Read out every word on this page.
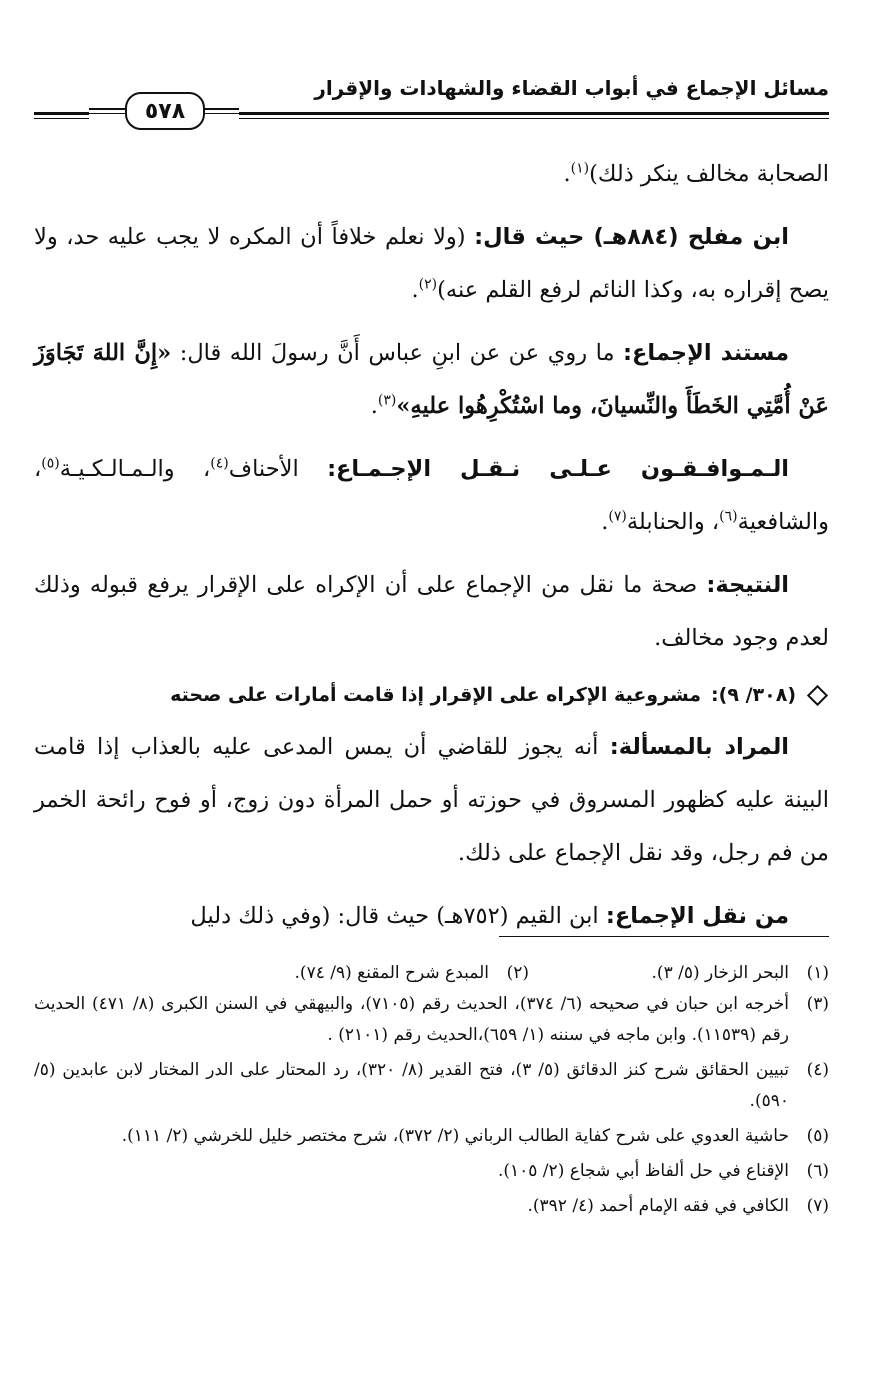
مسائل الإجماع في أبواب القضاء والشهادات والإقرار
٥٧٨

الصحابة مخالف ينكر ذلك)$^{(١)}$.

ابن مفلح (٨٨٤هـ) حيث قال: (ولا نعلم خلافاً أن المكره لا يجب عليه حد، ولا يصح إقراره به، وكذا النائم لرفع القلم عنه)$^{(٢)}$.

مستند الإجماع: ما روي عن عن ابنِ عباس أَنَّ رسولَ الله قال: «إِنَّ اللهَ تَجَاوَزَ عَنْ أُمَّتِي الخَطَأَ والنِّسيانَ، وما اسْتُكْرِهُوا عليهِ»$^{(٣)}$.

الـمـوافـقـون عـلـى نـقـل الإجـمـاع: الأحناف$^{(٤)}$، والـمـالـكـيـة$^{(٥)}$، والشافعية$^{(٦)}$، والحنابلة$^{(٧)}$.

النتيجة: صحة ما نقل من الإجماع على أن الإكراه على الإقرار يرفع قبوله وذلك لعدم وجود مخالف.

(٣٠٨/ ٩):
مشروعية الإكراه على الإقرار إذا قامت أمارات على صحته

المراد بالمسألة: أنه يجوز للقاضي أن يمس المدعى عليه بالعذاب إذا قامت البينة عليه كظهور المسروق في حوزته أو حمل المرأة دون زوج، أو فوح رائحة الخمر من فم رجل، وقد نقل الإجماع على ذلك.

من نقل الإجماع: ابن القيم (٧٥٢هـ) حيث قال: (وفي ذلك دليل

(١)
البحر الزخار (٥/ ٣).
(٢)
المبدع شرح المقنع (٩/ ٧٤).
(٣)
أخرجه ابن حبان في صحيحه (٦/ ٣٧٤)، الحديث رقم (٧١٠٥)، والبيهقي في السنن الكبرى (٨/ ٤٧١) الحديث رقم (١١٥٣٩). وابن ماجه في سننه (١/ ٦٥٩)،الحديث رقم (٢١٠١) .
(٤)
تبيين الحقائق شرح كنز الدقائق (٥/ ٣)، فتح القدير (٨/ ٣٢٠)، رد المحتار على الدر المختار لابن عابدين (٥/ ٥٩٠).
(٥)
حاشية العدوي على شرح كفاية الطالب الرباني (٢/ ٣٧٢)، شرح مختصر خليل للخرشي (٢/ ١١١).
(٦)
الإقناع في حل ألفاظ أبي شجاع (٢/ ١٠٥).
(٧)
الكافي في فقه الإمام أحمد (٤/ ٣٩٢).
